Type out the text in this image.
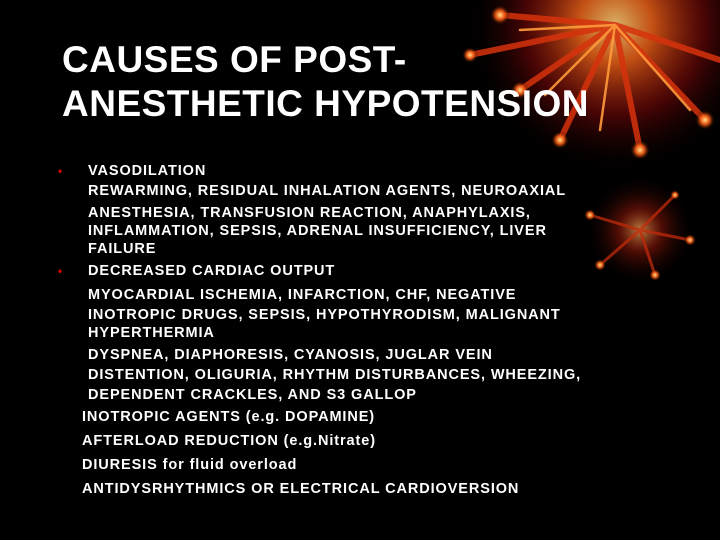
CAUSES OF POST-
ANESTHETIC HYPOTENSION
• VASODILATION
REWARMING, RESIDUAL INHALATION AGENTS, NEUROAXIAL
ANESTHESIA, TRANSFUSION REACTION, ANAPHYLAXIS,
INFLAMMATION, SEPSIS, ADRENAL INSUFFICIENCY, LIVER
FAILURE
• DECREASED CARDIAC OUTPUT
MYOCARDIAL ISCHEMIA, INFARCTION, CHF, NEGATIVE
INOTROPIC DRUGS, SEPSIS, HYPOTHYRODISM, MALIGNANT
HYPERTHERMIA
DYSPNEA, DIAPHORESIS, CYANOSIS, JUGLAR VEIN
DISTENTION, OLIGURIA, RHYTHM DISTURBANCES, WHEEZING,
DEPENDENT CRACKLES, AND S3 GALLOP
INOTROPIC AGENTS (e.g. DOPAMINE)
AFTERLOAD REDUCTION (e.g.Nitrate)
DIURESIS for fluid overload
ANTIDYSRHYTHMICS OR ELECTRICAL CARDIOVERSION
